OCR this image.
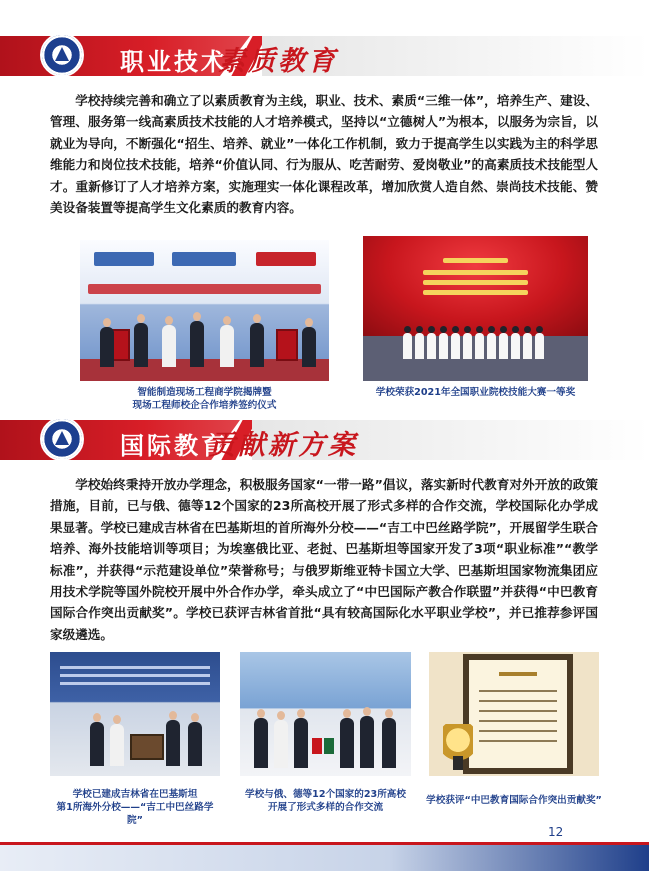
职业技术
素质教育

学校持续完善和确立了以素质教育为主线，职业、技术、素质“三维一体”，培养生产、建设、管理、服务第一线高素质技术技能的人才培养模式，坚持以“立德树人”为根本，以服务为宗旨，以就业为导向，不断强化“招生、培养、就业”一体化工作机制，致力于提高学生以实践为主的科学思维能力和岗位技术技能，培养“价值认同、行为服从、吃苦耐劳、爱岗敬业”的高素质技术技能型人才。重新修订了人才培养方案，实施理实一体化课程改革，增加欣赏人造自然、崇尚技术技能、赞美设备装置等提高学生文化素质的教育内容。

智能制造现场工程商学院揭牌暨
现场工程师校企合作培养签约仪式
学校荣获2021年全国职业院校技能大赛一等奖
国际教育
贡献新方案

学校始终秉持开放办学理念，积极服务国家“一带一路”倡议，落实新时代教育对外开放的政策措施，目前，已与俄、德等12个国家的23所高校开展了形式多样的合作交流，学校国际化办学成果显著。学校已建成吉林省在巴基斯坦的首所海外分校——“吉工中巴丝路学院”，开展留学生联合培养、海外技能培训等项目；为埃塞俄比亚、老挝、巴基斯坦等国家开发了3项“职业标准”“教学标准”，并获得“示范建设单位”荣誉称号；与俄罗斯维亚特卡国立大学、巴基斯坦国家物流集团应用技术学院等国外院校开展中外合作办学，牵头成立了“中巴国际产教合作联盟”并获得“中巴教育国际合作突出贡献奖”。学校已获评吉林省首批“具有较高国际化水平职业学校”，并已推荐参评国家级遴选。

学校已建成吉林省在巴基斯坦
第1所海外分校——“吉工中巴丝路学院”
学校与俄、德等12个国家的23所高校
开展了形式多样的合作交流
学校获评“中巴教育国际合作突出贡献奖”
12
